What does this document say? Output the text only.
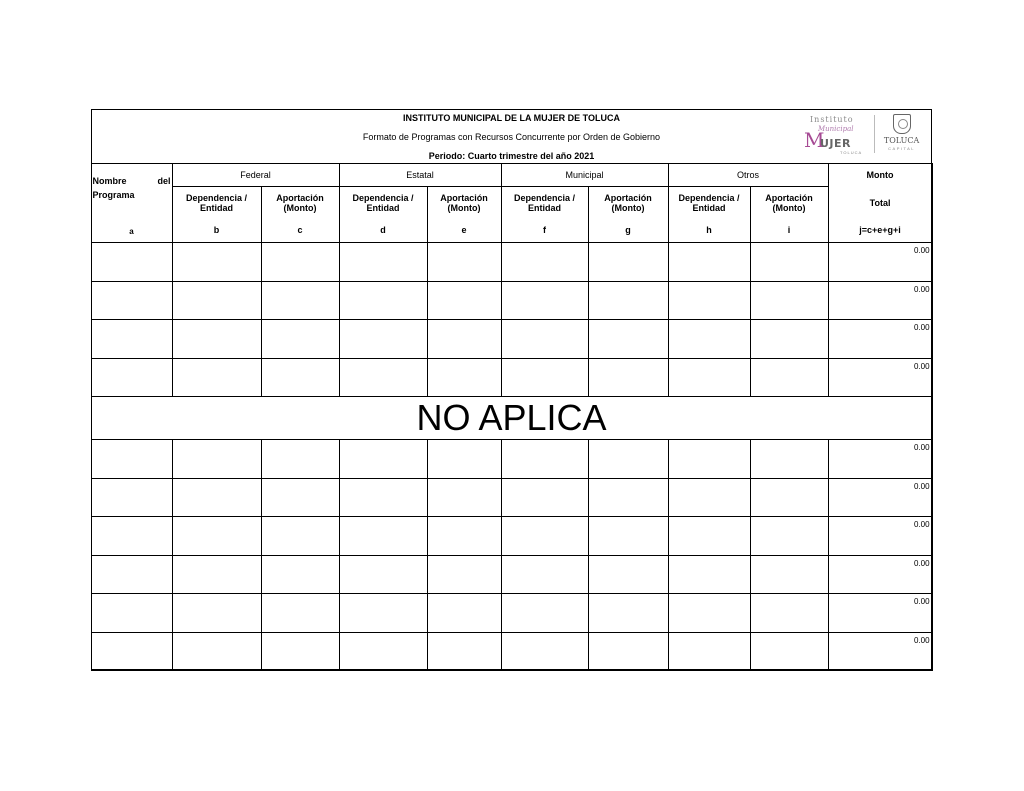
INSTITUTO MUNICIPAL DE LA MUJER DE TOLUCA
Formato de Programas con Recursos Concurrente por Orden de Gobierno
Periodo: Cuarto trimestre del año 2021
Instituto
Municipal
M
UJER
TOLUCA
TOLUCA
CAPITAL
Nombre del
Programa
a	Federal		Estatal		Municipal		Otros		Monto
	Dependencia / Entidad	Aportación (Monto)	Dependencia / Entidad	Aportación (Monto)	Dependencia / Entidad	Aportación (Monto)	Dependencia / Entidad	Aportación (Monto)	Total
	b	c	d	e	f	g	h	i	j=c+e+g+i
									0.00
									0.00
									0.00
									0.00
NO APLICA									
									0.00
									0.00
									0.00
									0.00
									0.00
									0.00
